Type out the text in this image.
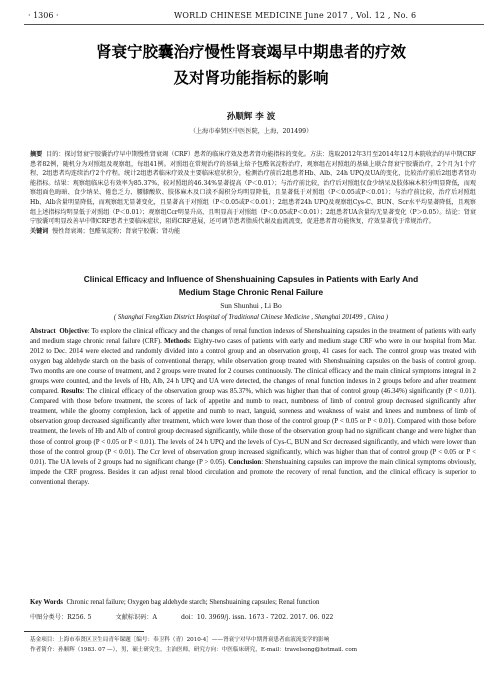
· 1306 ·	WORLD CHINESE MEDICINE June 2017 , Vol. 12 , No. 6
肾衰宁胶囊治疗慢性肾衰竭早中期患者的疗效
及对肾功能指标的影响
孙顺辉 李 波
（上海市奉贤区中医医院，上海，201499）
摘要 目的：探讨肾衰宁胶囊治疗早中期慢性肾衰竭（CRF）患者的临床疗效及患者肾功能指标的变化。方法：选取2012年3月至2014年12月本院收治的早中期CRF患者82例，随机分为对照组及观察组，每组41例。对照组在常规治疗的基础上给予包醛氧淀粉治疗，观察组在对照组的基础上联合肾衰宁胶囊治疗，2个月为1个疗程，2组患者均连续治疗2个疗程。统计2组患者临床疗效及主要临床症状积分，检测治疗前后2组患者Hb、Alb、24h UPQ及UA的变化，比较治疗前后2组患者肾功能指标。结果：观察组临床总有效率为85.37%，较对照组的46.34%显著提高（P＜0.01）；与治疗前比较，治疗后对照组仅食少纳呆及肢体麻木积分明显降低，而观察组面色晦暗、食少纳呆、倦怠乏力、腰膝酸软、肢体麻木及口淡不渴积分均明显降低，且显著低于对照组（P＜0.05或P＜0.01）；与治疗前比较，治疗后对照组Hb、Alb含量明显降低，而观察组无显著变化，且显著高于对照组（P＜0.05或P＜0.01）；2组患者24h UPQ及观察组Cys-C、BUN、Scr水平均显著降低，且观察组上述指标均明显低于对照组（P＜0.01）；观察组Ccr明显升高，且明显高于对照组（P＜0.05或P＜0.01）；2组患者UA含量均无显著变化（P＞0.05）。结论：肾衰宁胶囊可明显改善早中期CRF患者主要临床症状，阻碍CRF进展，还可调节患者脂质代谢及血流流变，促进患者肾功能恢复，疗效显著优于常规治疗。
关键词 慢性肾衰竭；包醛氧淀粉；肾衰宁胶囊；肾功能
Clinical Efficacy and Influence of Shenshuaining Capsules in Patients with Early And
Medium Stage Chronic Renal Failure
Sun Shunhui , Li Bo
( Shanghai FengXian District Hospital of Traditional Chinese Medicine , Shanghai 201499 , China )
Abstract Objective: To explore the clinical efficacy and the changes of renal function indexes of Shenshuaining capsules in the treatment of patients with early and medium stage chronic renal failure (CRF). Methods: Eighty-two cases of patients with early and medium stage CRF who were in our hospital from Mar. 2012 to Dec. 2014 were elected and randomly divided into a control group and an observation group, 41 cases for each. The control group was treated with oxygen bag aldehyde starch on the basis of conventional therapy, while observation group treated with Shenshuaining capsules on the basis of control group. Two months are one course of treatment, and 2 groups were treated for 2 courses continuously. The clinical efficacy and the main clinical symptoms integral in 2 groups were counted, and the levels of Hb, Alb, 24 h UPQ and UA were detected, the changes of renal function indexes in 2 groups before and after treatment compared. Results: The clinical efficacy of the observation group was 85.37%, which was higher than that of control group (46.34%) significantly (P < 0.01). Compared with those before treatment, the scores of lack of appetite and numb to react, numbness of limb of control group decreased significantly after treatment, while the gloomy complexion, lack of appetite and numb to react, languid, soreness and weakness of waist and knees and numbness of limb of observation group decreased significantly after treatment, which were lower than those of the control group (P < 0.05 or P < 0.01). Compared with those before treatment, the levels of Hb and Alb of control group decreased significantly, while those of the observation group had no significant change and were higher than those of control group (P < 0.05 or P < 0.01). The levels of 24 h UPQ and the levels of Cys-C, BUN and Scr decreased significantly, and which were lower than those of the control group (P < 0.01). The Ccr level of observation group increased significantly, which was higher than that of control group (P < 0.05 or P < 0.01). The UA levels of 2 groups had no significant change (P > 0.05). Conclusion: Shenshuaining capsules can improve the main clinical symptoms obviously, impede the CRF progress. Besides it can adjust renal blood circulation and promote the recovery of renal function, and the clinical efficacy is superior to conventional therapy.
Key Words Chronic renal failure; Oxygen bag aldehyde starch; Shenshuaining capsules; Renal function
中图分类号：R256. 5	文献标识码：A	doi：10. 3969/j. issn. 1673 - 7202. 2017. 06. 022
基金项目：上海市奉贤区卫生局青年课题［编号：奉卫科（青）2010-4］——肾衰宁对早中期肾衰患者血液流变学的影响
作者简介：孙顺辉（1983. 07 —），男，硕士研究生，主治医师，研究方向：中医临床研究，E-mail：travelsong@hotmail. com
